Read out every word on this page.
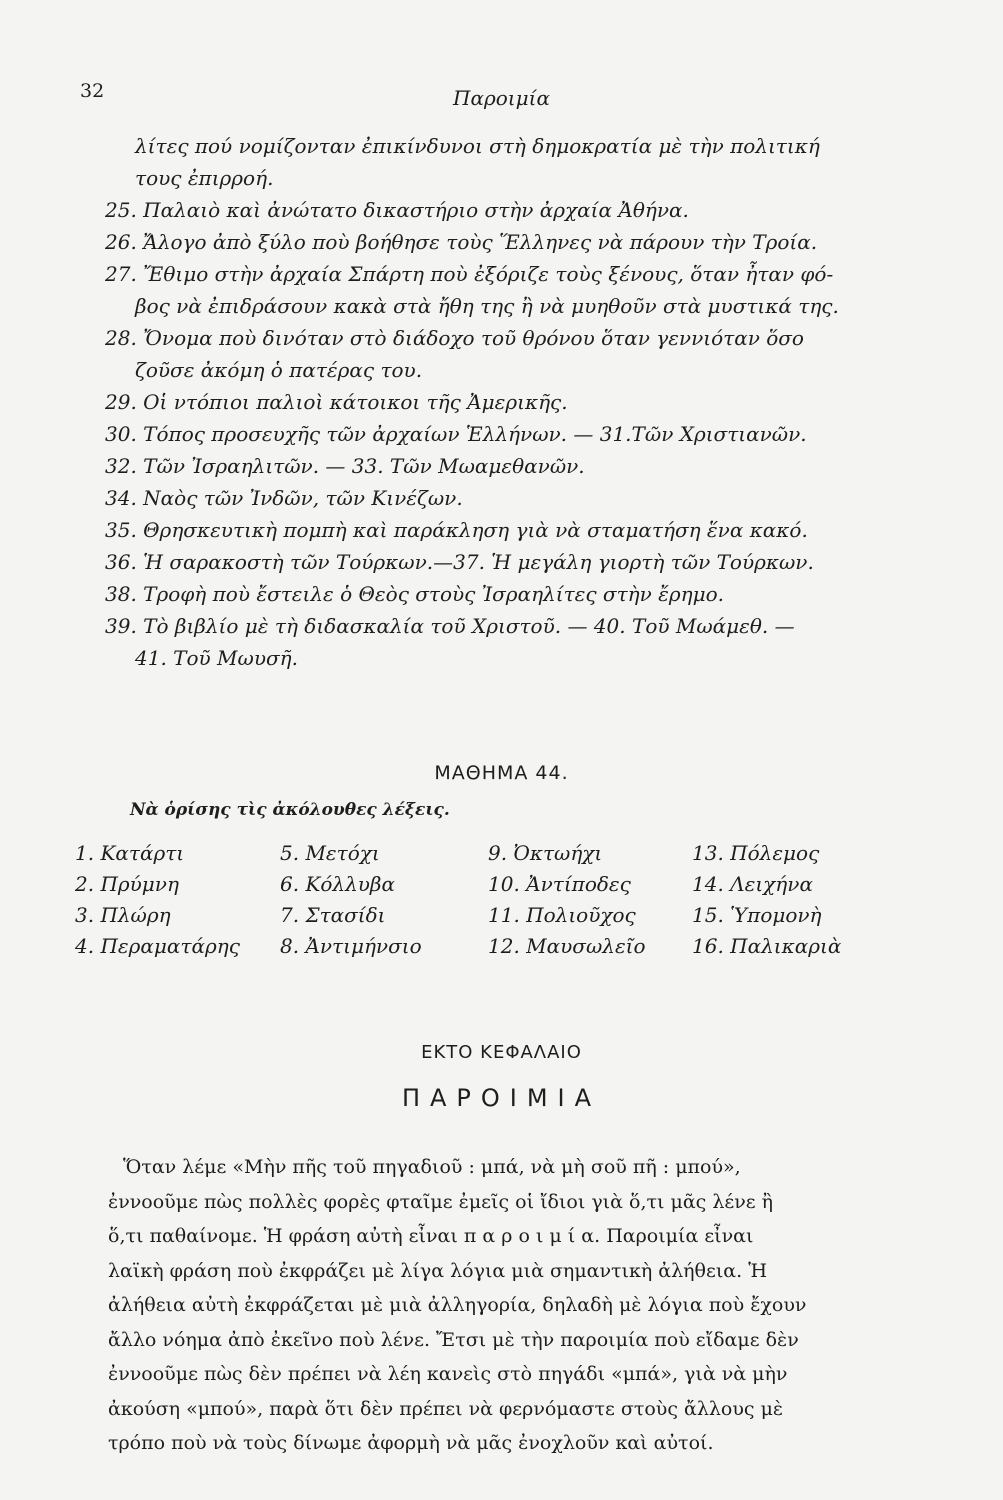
32	Παροιμία

λίτες πού νομίζονταν ἐπικίνδυνοι στὴ δημοκρατία μὲ τὴν πολιτική

τους ἐπιρροή.

25. Παλαιὸ καὶ ἀνώτατο δικαστήριο στὴν ἀρχαία Ἀθήνα.

26. Ἄλογο ἀπὸ ξύλο ποὺ βοήθησε τοὺς Ἕλληνες νὰ πάρουν τὴν Τροία.

27. Ἔθιμο στὴν ἀρχαία Σπάρτη ποὺ ἐξόριζε τοὺς ξένους, ὅταν ἦταν φό-

βος νὰ ἐπιδράσουν κακὰ στὰ ἤθη της ἢ νὰ μυηθοῦν στὰ μυστικά της.

28. Ὄνομα ποὺ δινόταν στὸ διάδοχο τοῦ θρόνου ὅταν γεννιόταν ὅσο

ζοῦσε ἀκόμη ὁ πατέρας του.

29. Οἱ ντόπιοι παλιοὶ κάτοικοι τῆς Ἀμερικῆς.

30. Τόπος προσευχῆς τῶν ἀρχαίων Ἑλλήνων. — 31.Τῶν Χριστιανῶν.

32. Τῶν Ἰσραηλιτῶν. — 33. Τῶν Μωαμεθανῶν.

34. Ναὸς τῶν Ἰνδῶν, τῶν Κινέζων.

35. Θρησκευτικὴ πομπὴ καὶ παράκληση γιὰ νὰ σταματήση ἕνα κακό.

36. Ἡ σαρακοστὴ τῶν Τούρκων.—37. Ἡ μεγάλη γιορτὴ τῶν Τούρκων.

38. Τροφὴ ποὺ ἔστειλε ὁ Θεὸς στοὺς Ἰσραηλίτες στὴν ἔρημο.

39. Τὸ βιβλίο μὲ τὴ διδασκαλία τοῦ Χριστοῦ. — 40. Τοῦ Μωάμεθ. —

41. Τοῦ Μωυσῆ.

ΜΑΘΗΜΑ 44.
Νὰ ὁρίσης τὶς ἀκόλουθες λέξεις.
1. Κατάρτι
2. Πρύμνη
3. Πλώρη
4. Περαματάρης
5. Μετόχι
6. Κόλλυβα
7. Στασίδι
8. Ἀντιμήνσιο
9. Ὀκτωήχι
10. Ἀντίποδες
11. Πολιοῦχος
12. Μαυσωλεῖο
13. Πόλεμος
14. Λειχήνα
15. Ὑπομονὴ
16. Παλικαριὰ
ΕΚΤΟ ΚΕΦΑΛΑΙΟ
ΠΑΡΟΙΜΙΑ

Ὅταν λέμε «Μὴν πῆς τοῦ πηγαδιοῦ : μπά, νὰ μὴ σοῦ πῆ : μπού»,

ἐννοοῦμε πὼς πολλὲς φορὲς φταῖμε ἐμεῖς οἱ ἴδιοι γιὰ ὅ,τι μᾶς λένε ἢ

ὅ,τι παθαίνομε. Ἡ φράση αὐτὴ εἶναι π α ρ ο ι μ ί α. Παροιμία εἶναι

λαϊκὴ φράση ποὺ ἐκφράζει μὲ λίγα λόγια μιὰ σημαντικὴ ἀλήθεια. Ἡ

ἀλήθεια αὐτὴ ἐκφράζεται μὲ μιὰ ἀλληγορία, δηλαδὴ μὲ λόγια ποὺ ἔχουν

ἄλλο νόημα ἀπὸ ἐκεῖνο ποὺ λένε. Ἔτσι μὲ τὴν παροιμία ποὺ εἴδαμε δὲν

ἐννοοῦμε πὼς δὲν πρέπει νὰ λέη κανεὶς στὸ πηγάδι «μπά», γιὰ νὰ μὴν

ἀκούση «μπού», παρὰ ὅτι δὲν πρέπει νὰ φερνόμαστε στοὺς ἄλλους μὲ

τρόπο ποὺ νὰ τοὺς δίνωμε ἀφορμὴ νὰ μᾶς ἐνοχλοῦν καὶ αὐτοί.
